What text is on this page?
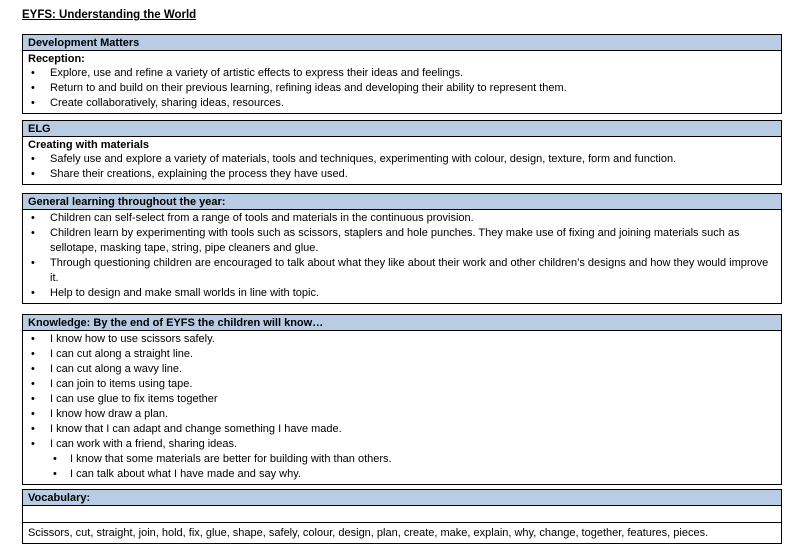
EYFS: Understanding the World
Development Matters
Reception:
• Explore, use and refine a variety of artistic effects to express their ideas and feelings.
• Return to and build on their previous learning, refining ideas and developing their ability to represent them.
• Create collaboratively, sharing ideas, resources.
ELG
Creating with materials
• Safely use and explore a variety of materials, tools and techniques, experimenting with colour, design, texture, form and function.
• Share their creations, explaining the process they have used.
General learning throughout the year:
• Children can self-select from a range of tools and materials in the continuous provision.
• Children learn by experimenting with tools such as scissors, staplers and hole punches. They make use of fixing and joining materials such as sellotape, masking tape, string, pipe cleaners and glue.
• Through questioning children are encouraged to talk about what they like about their work and other children’s designs and how they would improve it.
• Help to design and make small worlds in line with topic.
Knowledge: By the end of EYFS the children will know…
• I know how to use scissors safely.
• I can cut along a straight line.
• I can cut along a wavy line.
• I can join to items using tape.
• I can use glue to fix items together
• I know how draw a plan.
• I know that I can adapt and change something I have made.
• I can work with a friend, sharing ideas.
• I know that some materials are better for building with than others.
• I can talk about what I have made and say why.
Vocabulary:
Scissors, cut, straight, join, hold, fix, glue, shape, safely, colour, design, plan, create, make, explain, why, change, together, features, pieces.
